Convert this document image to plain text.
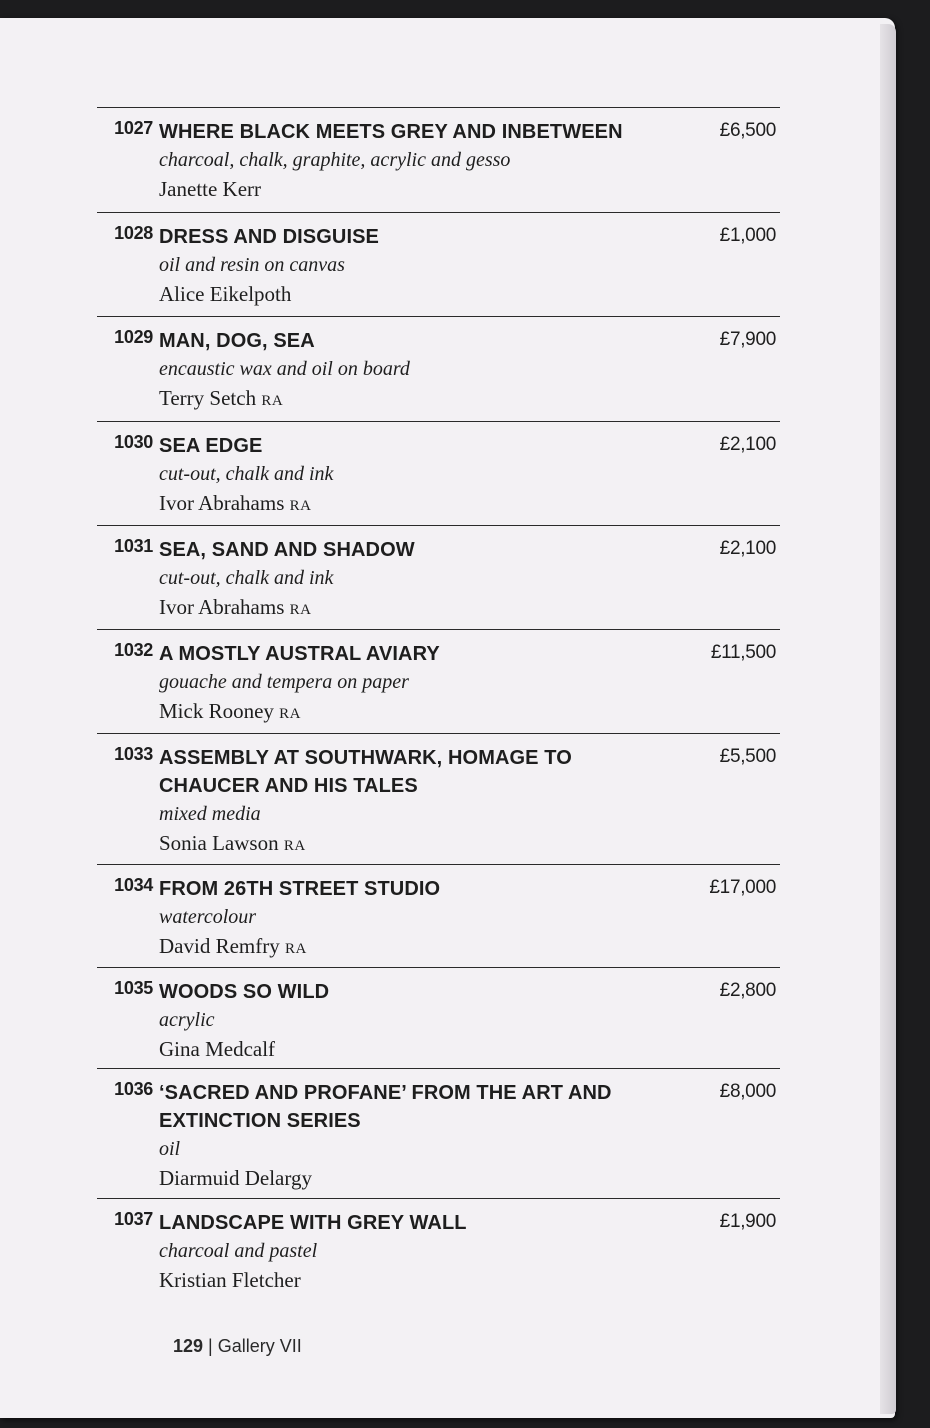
1027 WHERE BLACK MEETS GREY AND INBETWEEN
charcoal, chalk, graphite, acrylic and gesso
Janette Kerr
£6,500
1028 DRESS AND DISGUISE
oil and resin on canvas
Alice Eikelpoth
£1,000
1029 MAN, DOG, SEA
encaustic wax and oil on board
Terry Setch RA
£7,900
1030 SEA EDGE
cut-out, chalk and ink
Ivor Abrahams RA
£2,100
1031 SEA, SAND AND SHADOW
cut-out, chalk and ink
Ivor Abrahams RA
£2,100
1032 A MOSTLY AUSTRAL AVIARY
gouache and tempera on paper
Mick Rooney RA
£11,500
1033 ASSEMBLY AT SOUTHWARK, HOMAGE TO CHAUCER AND HIS TALES
mixed media
Sonia Lawson RA
£5,500
1034 FROM 26TH STREET STUDIO
watercolour
David Remfry RA
£17,000
1035 WOODS SO WILD
acrylic
Gina Medcalf
£2,800
1036 ‘SACRED AND PROFANE’ FROM THE ART AND EXTINCTION SERIES
oil
Diarmuid Delargy
£8,000
1037 LANDSCAPE WITH GREY WALL
charcoal and pastel
Kristian Fletcher
£1,900
129 | Gallery VII
